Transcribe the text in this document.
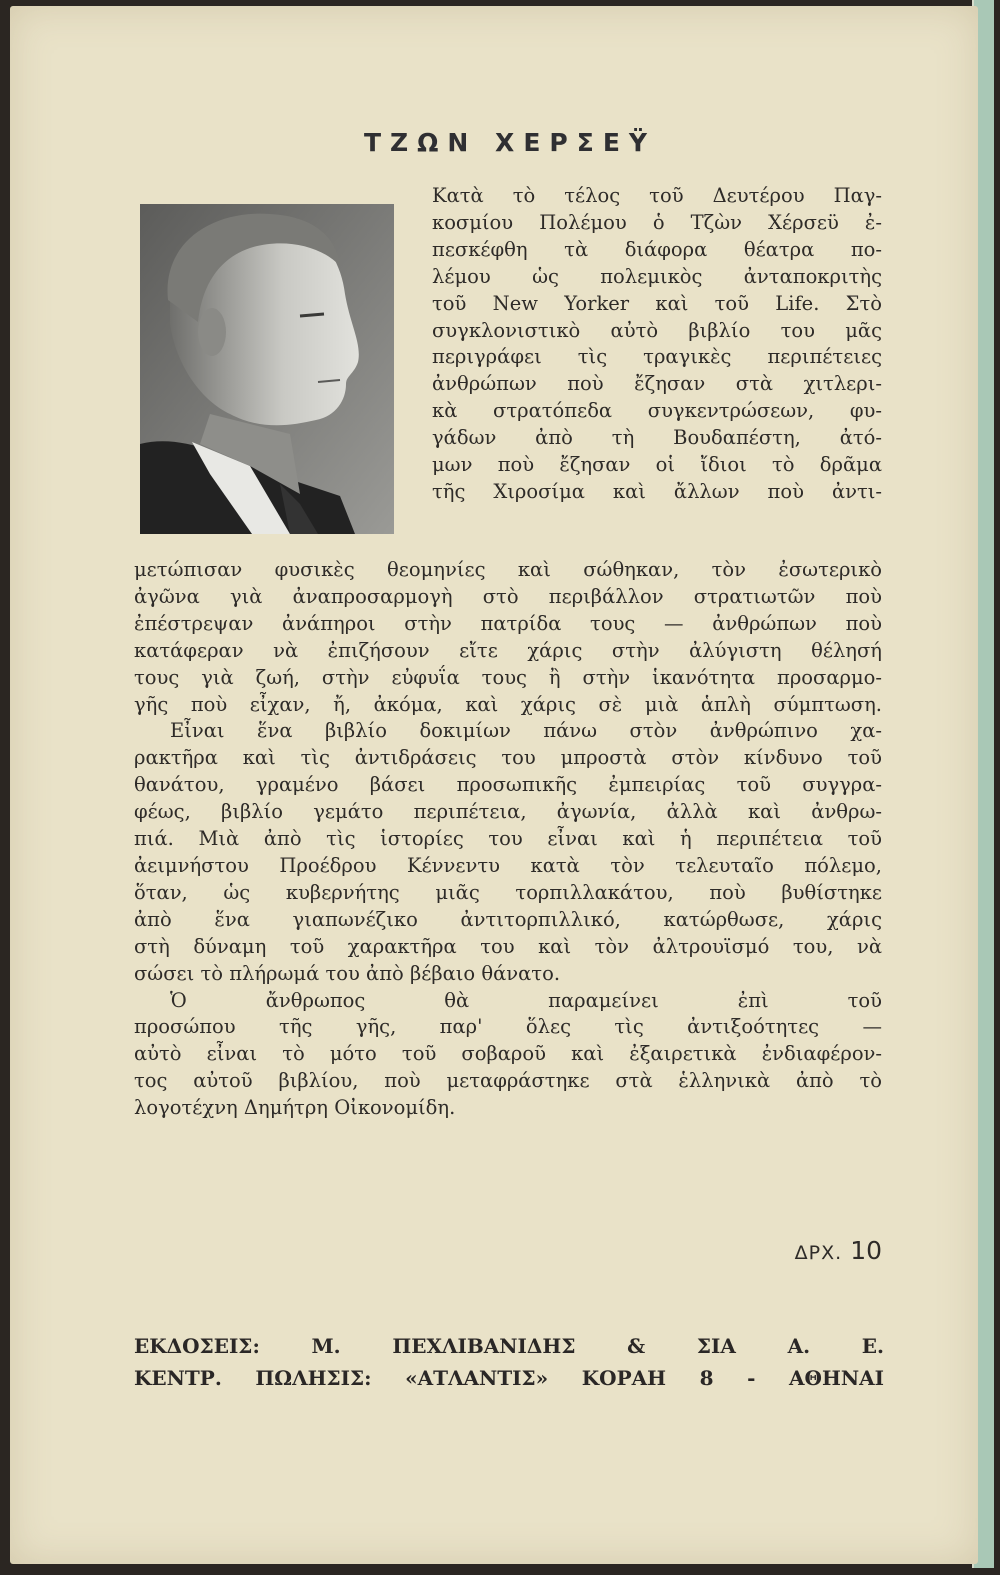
ΤΖΩΝ ΧΕΡΣΕΫ
Κατὰ τὸ τέλος τοῦ Δευτέρου Παγ-
κοσμίου Πολέμου ὁ Τζὼν Χέρσεϋ ἐ-
πεσκέφθη τὰ διάφορα θέατρα πο-
λέμου ὡς πολεμικὸς ἀνταποκριτὴς
τοῦ New Yorker καὶ τοῦ Life. Στὸ
συγκλονιστικὸ αὐτὸ βιβλίο του μᾶς
περιγράφει τὶς τραγικὲς περιπέτειες
ἀνθρώπων ποὺ ἔζησαν στὰ χιτλερι-
κὰ στρατόπεδα συγκεντρώσεων, φυ-
γάδων ἀπὸ τὴ Βουδαπέστη, ἀτό-
μων ποὺ ἔζησαν οἱ ἴδιοι τὸ δρᾶμα
τῆς Χιροσίμα καὶ ἄλλων ποὺ ἀντι-
μετώπισαν φυσικὲς θεομηνίες καὶ σώθηκαν, τὸν ἐσωτερικὸ
ἀγῶνα γιὰ ἀναπροσαρμογὴ στὸ περιβάλλον στρατιωτῶν ποὺ
ἐπέστρεψαν ἀνάπηροι στὴν πατρίδα τους — ἀνθρώπων ποὺ
κατάφεραν νὰ ἐπιζήσουν εἴτε χάρις στὴν ἀλύγιστη θέλησή
τους γιὰ ζωή, στὴν εὐφυΐα τους ἢ στὴν ἱκανότητα προσαρμο-
γῆς ποὺ εἶχαν, ἤ, ἀκόμα, καὶ χάρις σὲ μιὰ ἁπλὴ σύμπτωση.
Εἶναι ἕνα βιβλίο δοκιμίων πάνω στὸν ἀνθρώπινο χα-
ρακτῆρα καὶ τὶς ἀντιδράσεις του μπροστὰ στὸν κίνδυνο τοῦ
θανάτου, γραμένο βάσει προσωπικῆς ἐμπειρίας τοῦ συγγρα-
φέως, βιβλίο γεμάτο περιπέτεια, ἀγωνία, ἀλλὰ καὶ ἀνθρω-
πιά. Μιὰ ἀπὸ τὶς ἱστορίες του εἶναι καὶ ἡ περιπέτεια τοῦ
ἀειμνήστου Προέδρου Κέννεντυ κατὰ τὸν τελευταῖο πόλεμο,
ὅταν, ὡς κυβερνήτης μιᾶς τορπιλλακάτου, ποὺ βυθίστηκε
ἀπὸ ἕνα γιαπωνέζικο ἀντιτορπιλλικό, κατώρθωσε, χάρις
στὴ δύναμη τοῦ χαρακτῆρα του καὶ τὸν ἀλτρουϊσμό του, νὰ
σώσει τὸ πλήρωμά του ἀπὸ βέβαιο θάνατο.
Ὁ ἄνθρωπος θὰ παραμείνει ἐπὶ τοῦ
προσώπου τῆς γῆς, παρ' ὅλες τὶς ἀντιξοότητες —
αὐτὸ εἶναι τὸ μότο τοῦ σοβαροῦ καὶ ἐξαιρετικὰ ἐνδιαφέρον-
τος αὐτοῦ βιβλίου, ποὺ μεταφράστηκε στὰ ἑλληνικὰ ἀπὸ τὸ
λογοτέχνη Δημήτρη Οἰκονομίδη.
ΔΡΧ. 10
ΕΚΔΟΣΕΙΣ: Μ. ΠΕΧΛΙΒΑΝΙΔΗΣ & ΣΙΑ Α. Ε.
ΚΕΝΤΡ. ΠΩΛΗΣΙΣ: «ΑΤΛΑΝΤΙΣ» ΚΟΡΑΗ 8 - ΑΘΗΝΑΙ
